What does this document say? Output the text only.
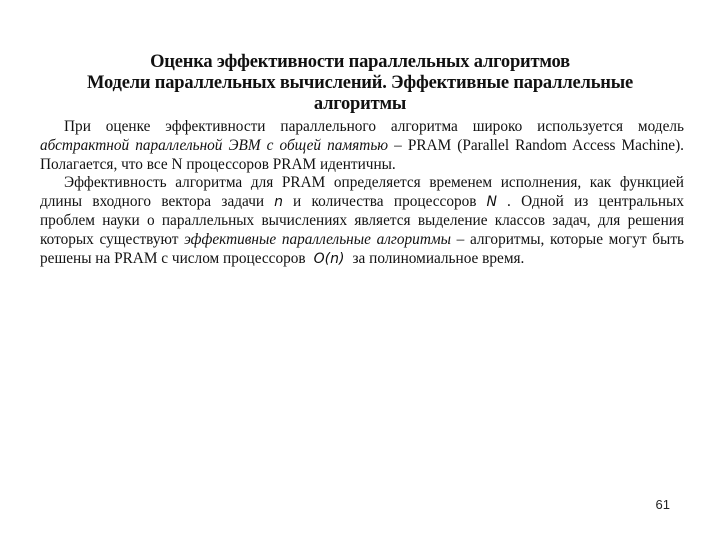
Оценка эффективности параллельных алгоритмов
Модели параллельных вычислений. Эффективные параллельные
алгоритмы

При оценке эффективности параллельного алгоритма широко используется модель абстрактной параллельной ЭВМ с общей памятью – PRAM (Parallel Random Access Machine). Полагается, что все N процессоров PRAM идентичны.

Эффективность алгоритма для PRAM определяется временем исполнения, как функцией длины входного вектора задачи n и количества процессоров N . Одной из центральных проблем науки о параллельных вычислениях является выделение классов задач, для решения которых существуют эффективные параллельные алгоритмы – алгоритмы, которые могут быть решены на PRAM с числом процессоров O(n) за полиномиальное время.

61
